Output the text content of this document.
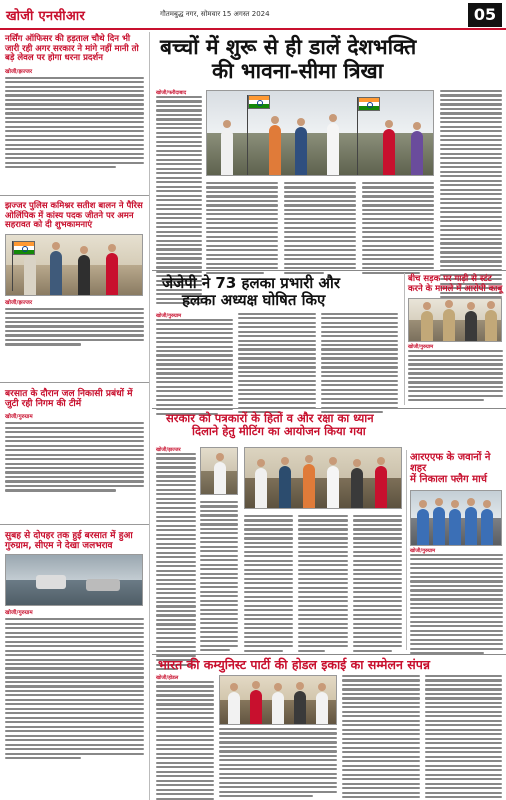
खोजी एनसीआर	गौतमबुद्ध नगर, सोमवार 15 अगस्त 2024	05
नर्सिंग ऑफिसर की हड़ताल चौथे दिन भी जारी रही अगर सरकार ने मांगे नहीं मानी तो बड़े लेवल पर होगा धरना प्रदर्शन
खोजी/झज्जर
झज्जर पुलिस कमिश्नर सतीश बालन ने पैरिस ओलिंपिक में कांस्य पदक जीतने पर अमन सहरावत को दी शुभकामनाएं
खोजी/झज्जर
बरसात के दौरान जल निकासी प्रबंधों में जुटी रही निगम की टीमें
खोजी/गुरुग्राम
सुबह से दोपहर तक हुई बरसात में हुआ गुरुग्राम, सीएम ने देखा जलभराव
खोजी/गुरुग्राम
बच्चों में शुरू से ही डालें देशभक्ति
की भावना-सीमा त्रिखा
खोजी/फरीदाबाद
जेजेपी ने 73 हलका प्रभारी और
हलका अध्यक्ष घोषित किए
खोजी/गुरुग्राम
बीच सड़क पर गाड़ी से स्टंट करने के मामले में आरोपी काबू
खोजी/गुरुग्राम
सरकार को पत्रकारों के हितों व और रक्षा का ध्यान
दिलाने हेतु मीटिंग का आयोजन किया गया
खोजी/झज्जर
आरएएफ के जवानों ने शहर
में निकाला फ्लैग मार्च
खोजी/गुरुग्राम
भारत की कम्युनिस्ट पार्टी की होडल इकाई का सम्मेलन संपन्न
खोजी/होडल
